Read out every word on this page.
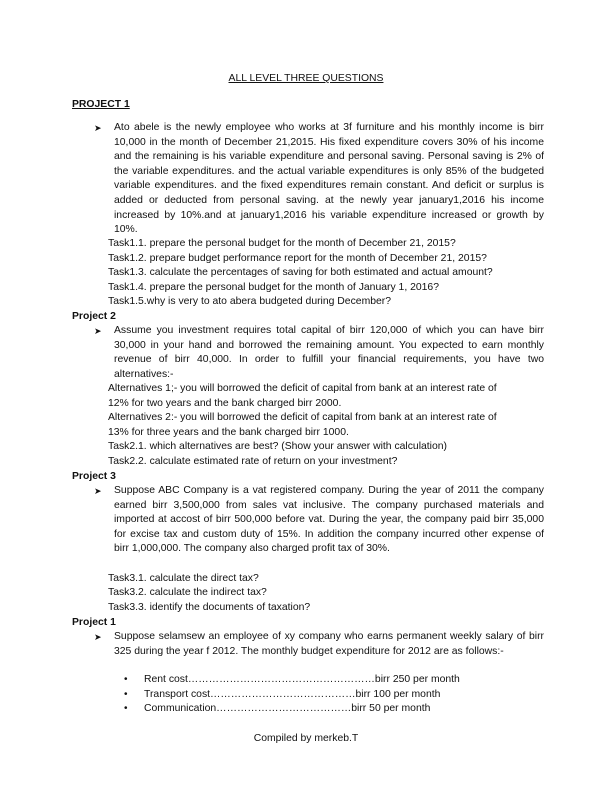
ALL LEVEL THREE QUESTIONS
PROJECT 1
➤ Ato abele is the newly employee who works at 3f furniture and his monthly income is birr 10,000 in the month of December 21,2015. His fixed expenditure covers 30% of his income and the remaining is his variable expenditure and personal saving. Personal saving is 2% of the variable expenditures. and the actual variable expenditures is only 85% of the budgeted variable expenditures. and the fixed expenditures remain constant. And deficit or surplus is added or deducted from personal saving. at the newly year january1,2016 his income increased by 10%.and at january1,2016 his variable expenditure increased or growth by 10%.
Task1.1. prepare the personal budget for the month of December 21, 2015?
Task1.2. prepare budget performance report for the month of December 21, 2015?
Task1.3. calculate the percentages of saving for both estimated and actual amount?
Task1.4. prepare the personal budget for the month of January 1, 2016?
Task1.5.why is very to ato abera budgeted during December?
Project 2
➤ Assume you investment requires total capital of birr 120,000 of which you can have birr 30,000 in your hand and borrowed the remaining amount. You expected to earn monthly revenue of birr 40,000. In order to fulfill your financial requirements, you have two alternatives:-
Alternatives 1;- you will borrowed the deficit of capital from bank at an interest rate of
12% for two years and the bank charged birr 2000.
Alternatives 2:- you will borrowed the deficit of capital from bank at an interest rate of
13% for three years and the bank charged birr 1000.
Task2.1. which alternatives are best? (Show your answer with calculation)
Task2.2. calculate estimated rate of return on your investment?
Project 3
➤ Suppose ABC Company is a vat registered company. During the year of 2011 the company earned birr 3,500,000 from sales vat inclusive. The company purchased materials and imported at accost of birr 500,000 before vat. During the year, the company paid birr 35,000 for excise tax and custom duty of 15%. In addition the company incurred other expense of birr 1,000,000. The company also charged profit tax of 30%.
Task3.1. calculate the direct tax?
Task3.2. calculate the indirect tax?
Task3.3. identify the documents of taxation?
Project 1
➤ Suppose selamsew an employee of xy company who earns permanent weekly salary of birr 325 during the year f 2012. The monthly budget expenditure for 2012 are as follows:-
• Rent cost………………………………………………birr 250 per month
• Transport cost……………………………………birr 100 per month
• Communication…………………………………birr 50 per month
Compiled by merkeb.T
